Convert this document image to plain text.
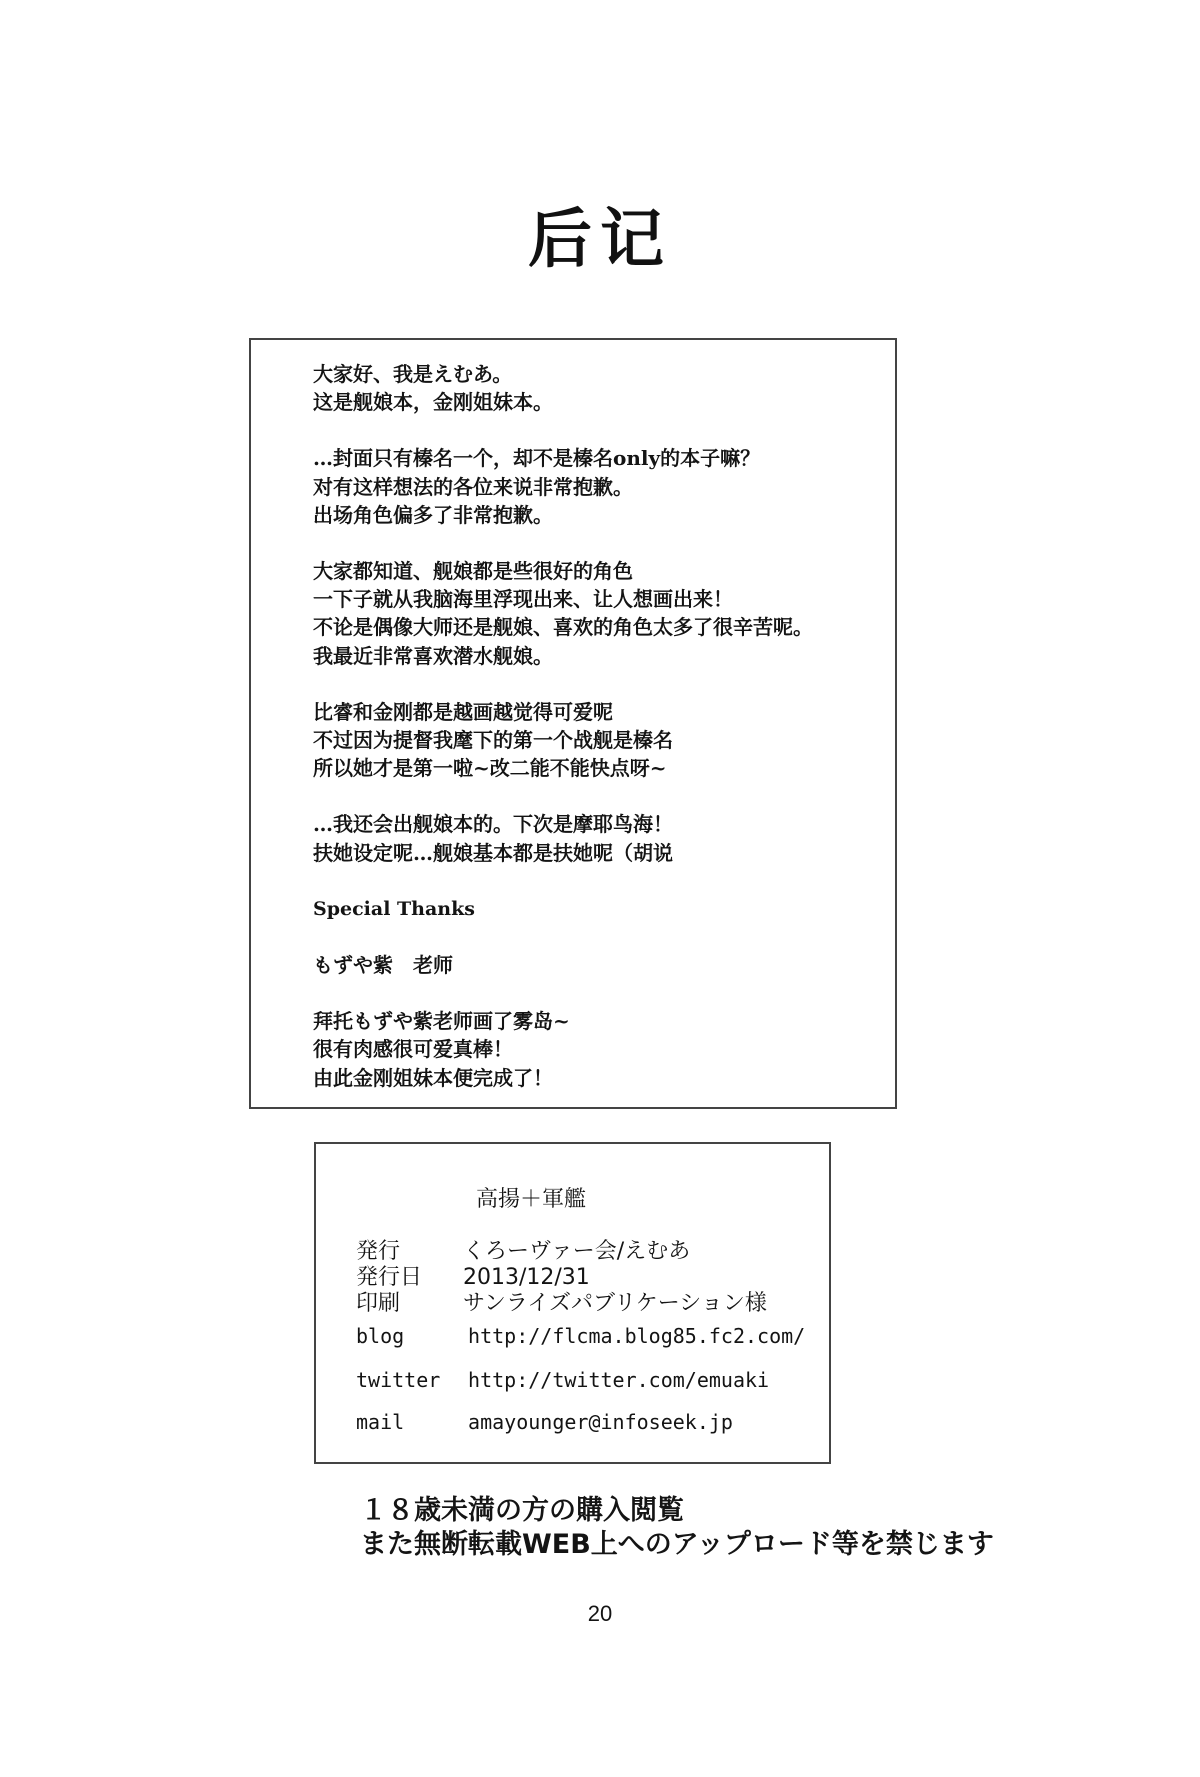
后记
大家好、我是えむあ。
这是舰娘本，金刚姐妹本。
…封面只有榛名一个，却不是榛名only的本子嘛？
对有这样想法的各位来说非常抱歉。
出场角色偏多了非常抱歉。
大家都知道、舰娘都是些很好的角色
一下子就从我脑海里浮现出来、让人想画出来！
不论是偶像大师还是舰娘、喜欢的角色太多了很辛苦呢。
我最近非常喜欢潜水舰娘。
比睿和金刚都是越画越觉得可爱呢
不过因为提督我麾下的第一个战舰是榛名
所以她才是第一啦~改二能不能快点呀~
…我还会出舰娘本的。下次是摩耶鸟海！
扶她设定呢…舰娘基本都是扶她呢（胡说
Special Thanks
もずや紫　老师
拜托もずや紫老师画了雾岛~
很有肉感很可爱真棒！
由此金刚姐妹本便完成了！
高揚＋軍艦
発行	くろーヴァー会/えむあ
発行日 2013/12/31
印刷	サンライズパブリケーション様
blog	http://flcma.blog85.fc2.com/
twitter http://twitter.com/emuaki
mail	amayounger@infoseek.jp
１８歳未満の方の購入閲覧
また無断転載WEB上へのアップロード等を禁じます
20
